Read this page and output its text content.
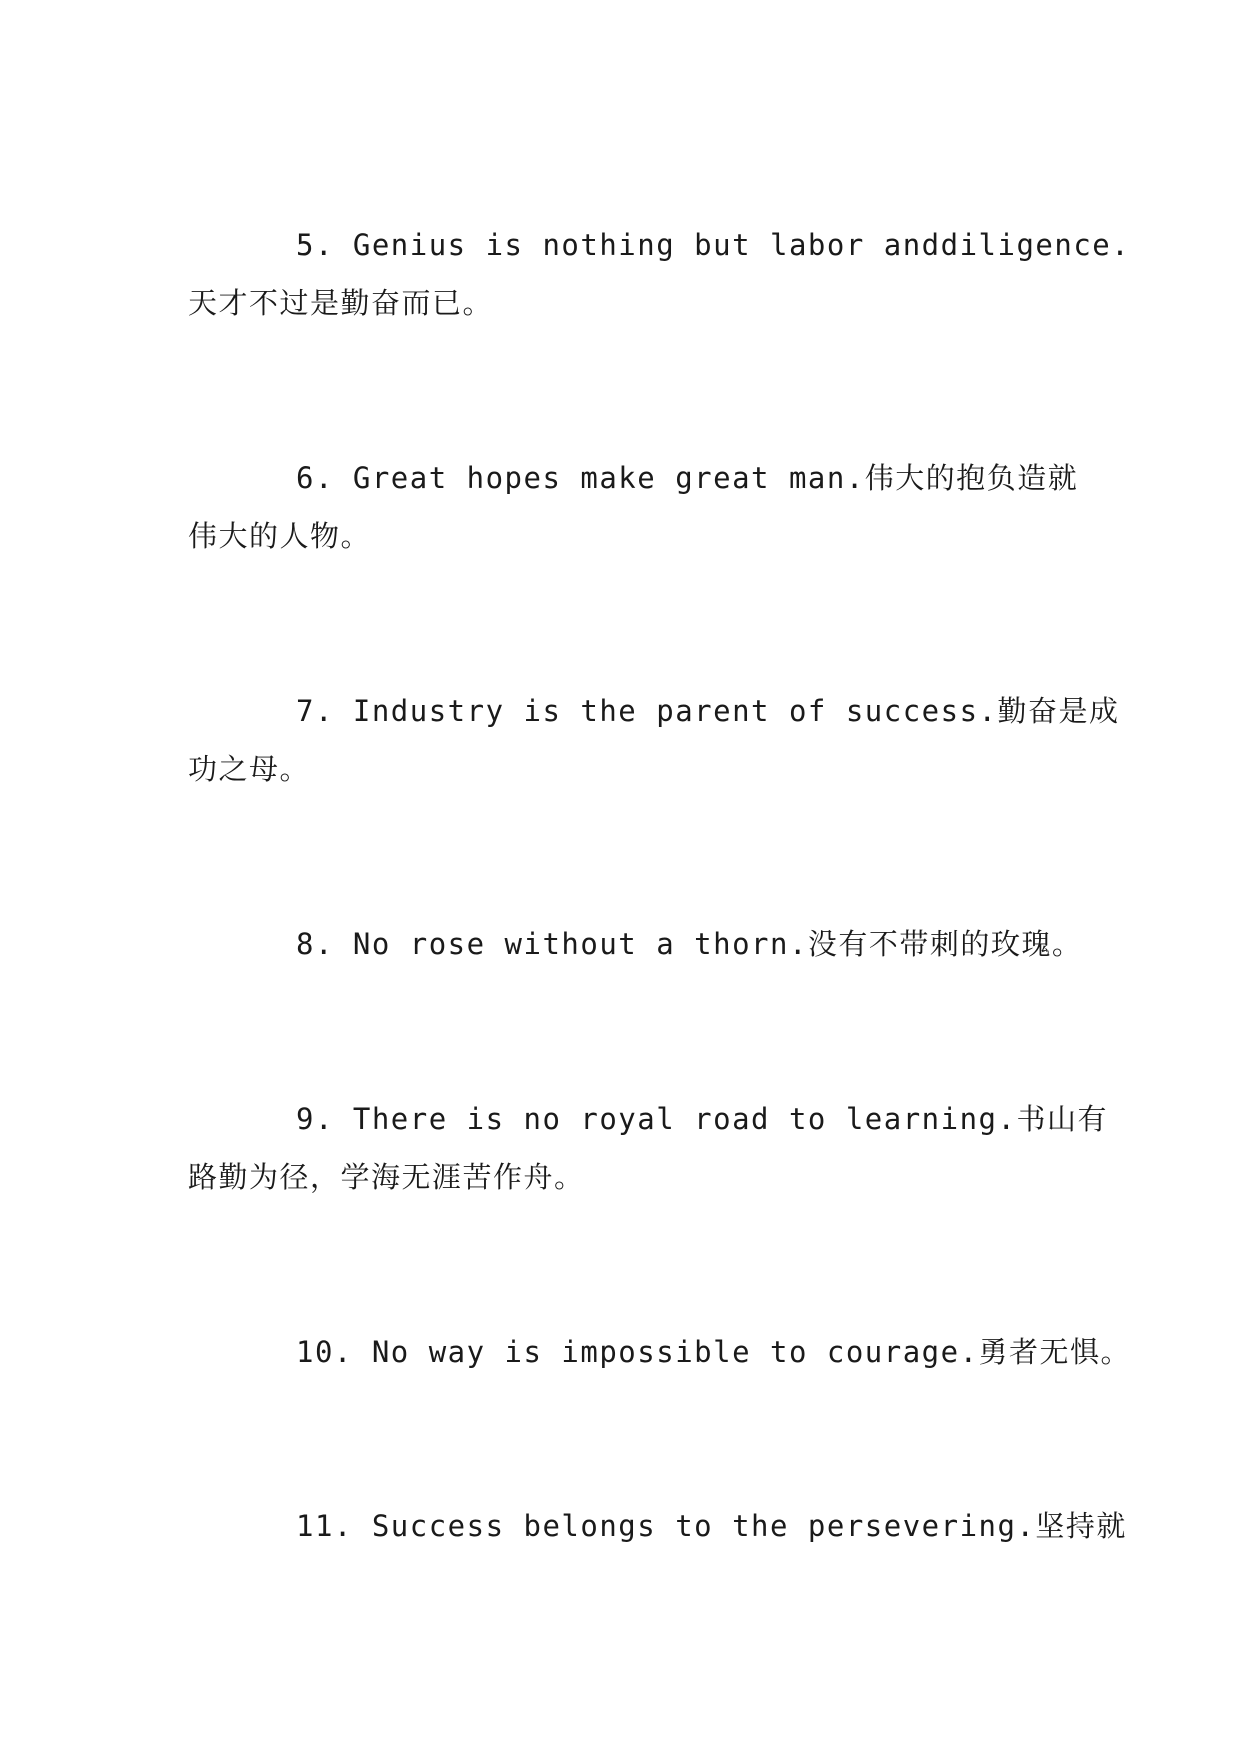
5. Genius is nothing but labor anddiligence.
天才不过是勤奋而已。
6. Great hopes make great man.伟大的抱负造就
伟大的人物。
7. Industry is the parent of success.勤奋是成
功之母。
8. No rose without a thorn.没有不带刺的玫瑰。
9. There is no royal road to learning.书山有
路勤为径，学海无涯苦作舟。
10. No way is impossible to courage.勇者无惧。
11. Success belongs to the persevering.坚持就
